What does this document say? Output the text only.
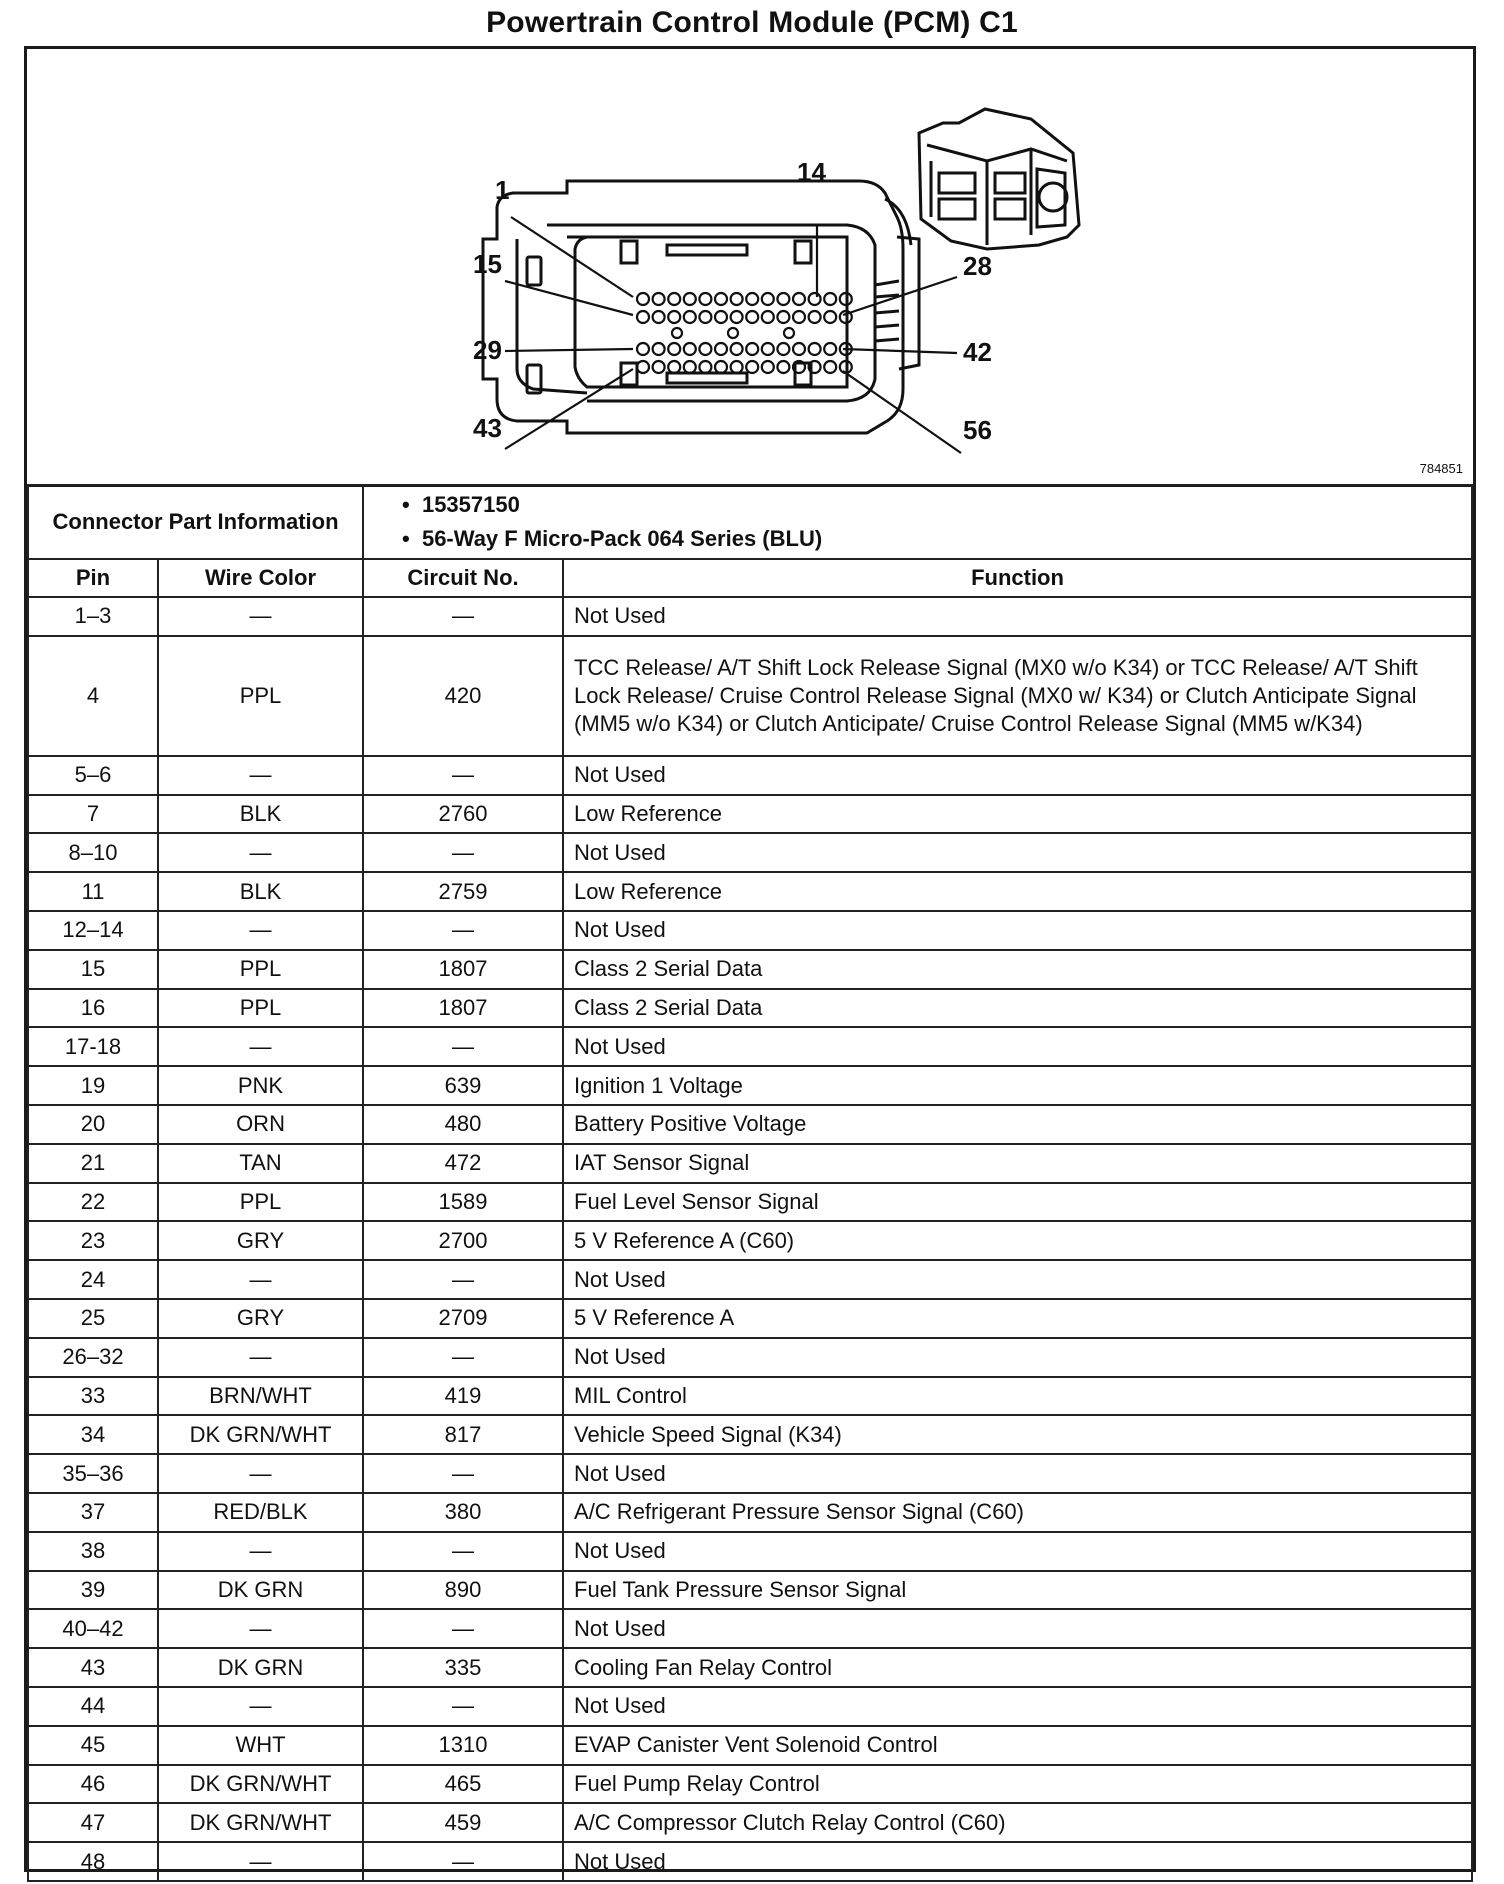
Powertrain Control Module (PCM) C1
1
14
15	28
29	42
43	56
784851
Connector Part Information		•  15357150
•  56-Way F Micro-Pack 064 Series (BLU)

Pin	Wire Color	Circuit No.	Function
1–3	—	—	Not Used
4	PPL	420	TCC Release/ A/T Shift Lock Release Signal (MX0 w/o K34) or TCC Release/ A/T Shift Lock Release/ Cruise Control Release Signal (MX0 w/ K34) or Clutch Anticipate Signal (MM5 w/o K34) or Clutch Anticipate/ Cruise Control Release Signal (MM5 w/K34)
5–6	—	—	Not Used
7	BLK	2760	Low Reference
8–10	—	—	Not Used
11	BLK	2759	Low Reference
12–14	—	—	Not Used
15	PPL	1807	Class 2 Serial Data
16	PPL	1807	Class 2 Serial Data
17-18	—	—	Not Used
19	PNK	639	Ignition 1 Voltage
20	ORN	480	Battery Positive Voltage
21	TAN	472	IAT Sensor Signal
22	PPL	1589	Fuel Level Sensor Signal
23	GRY	2700	5 V Reference A (C60)
24	—	—	Not Used
25	GRY	2709	5 V Reference A
26–32	—	—	Not Used
33	BRN/WHT	419	MIL Control
34	DK GRN/WHT	817	Vehicle Speed Signal (K34)
35–36	—	—	Not Used
37	RED/BLK	380	A/C Refrigerant Pressure Sensor Signal (C60)
38	—	—	Not Used
39	DK GRN	890	Fuel Tank Pressure Sensor Signal
40–42	—	—	Not Used
43	DK GRN	335	Cooling Fan Relay Control
44	—	—	Not Used
45	WHT	1310	EVAP Canister Vent Solenoid Control
46	DK GRN/WHT	465	Fuel Pump Relay Control
47	DK GRN/WHT	459	A/C Compressor Clutch Relay Control (C60)
48	—	—	Not Used
